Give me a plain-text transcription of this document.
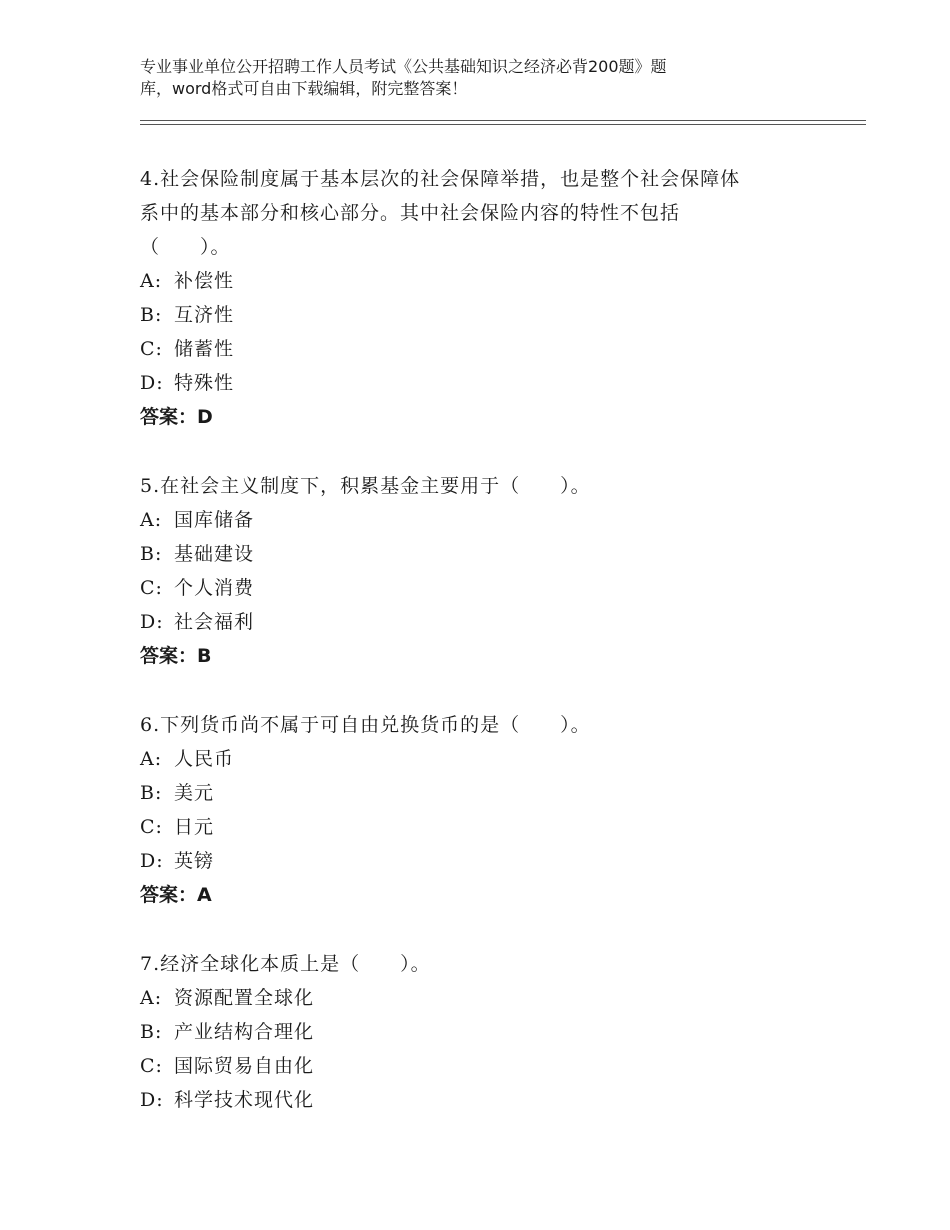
专业事业单位公开招聘工作人员考试《公共基础知识之经济必背200题》题
库，word格式可自由下载编辑，附完整答案！
4.社会保险制度属于基本层次的社会保障举措，也是整个社会保障体
系中的基本部分和核心部分。其中社会保险内容的特性不包括
（　　）。
A: 补偿性
B: 互济性
C: 储蓄性
D: 特殊性
答案：D
5.在社会主义制度下，积累基金主要用于（　　）。
A: 国库储备
B: 基础建设
C: 个人消费
D: 社会福利
答案：B
6.下列货币尚不属于可自由兑换货币的是（　　）。
A: 人民币
B: 美元
C: 日元
D: 英镑
答案：A
7.经济全球化本质上是（　　）。
A: 资源配置全球化
B: 产业结构合理化
C: 国际贸易自由化
D: 科学技术现代化
